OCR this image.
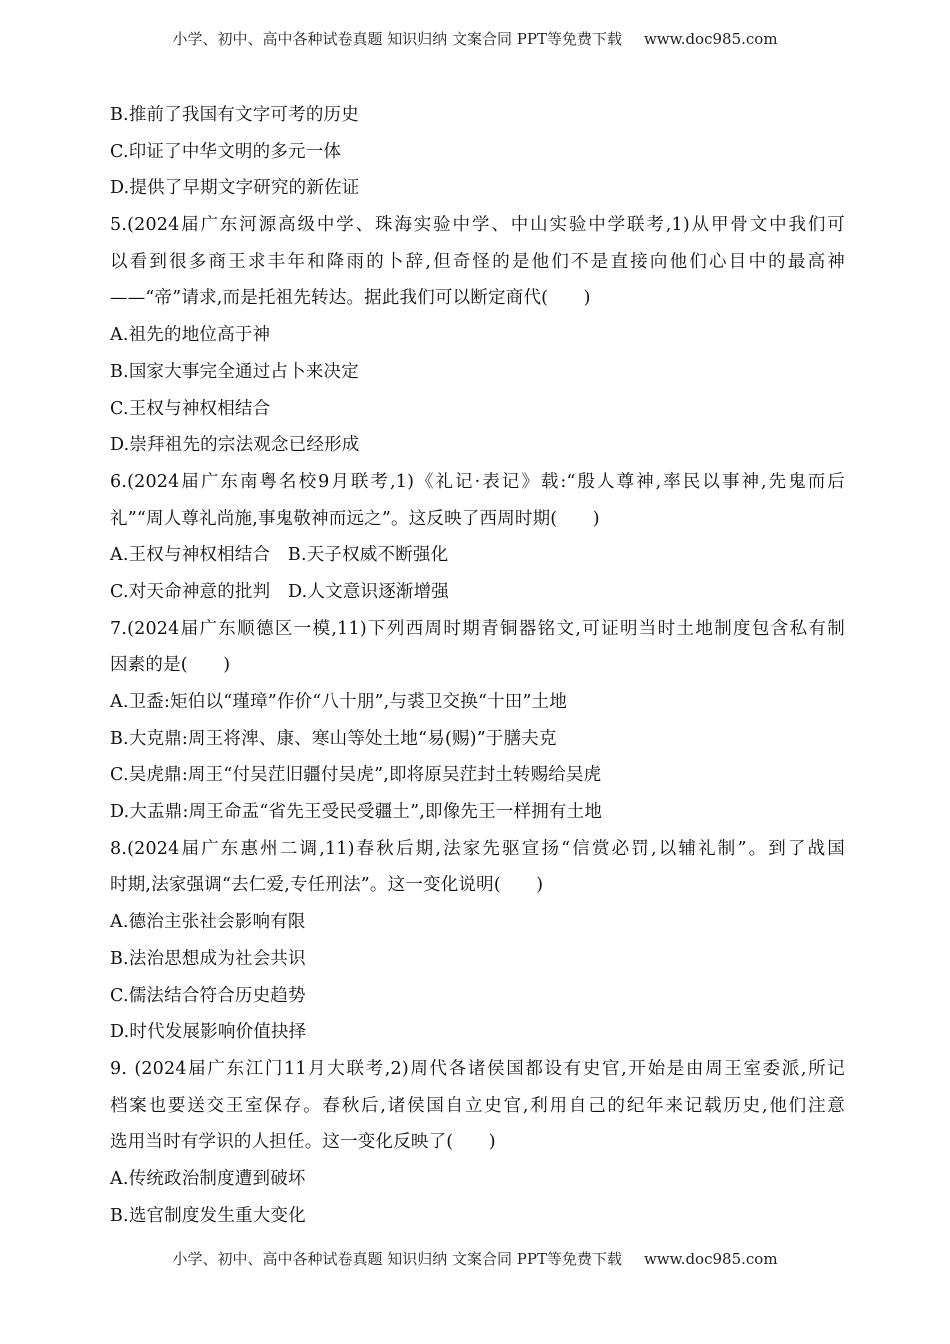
小学、初中、高中各种试卷真题 知识归纳 文案合同 PPT等免费下载 www.doc985.com
B.推前了我国有文字可考的历史
C.印证了中华文明的多元一体
D.提供了早期文字研究的新佐证
5.(2024届广东河源高级中学、珠海实验中学、中山实验中学联考,1)从甲骨文中我们可
以看到很多商王求丰年和降雨的卜辞,但奇怪的是他们不是直接向他们心目中的最高神
——“帝”请求,而是托祖先转达。据此我们可以断定商代(　　)
A.祖先的地位高于神
B.国家大事完全通过占卜来决定
C.王权与神权相结合
D.崇拜祖先的宗法观念已经形成
6.(2024届广东南粤名校9月联考,1)《礼记·表记》载:“殷人尊神,率民以事神,先鬼而后
礼”“周人尊礼尚施,事鬼敬神而远之”。这反映了西周时期(　　)
A.王权与神权相结合　B.天子权威不断强化
C.对天命神意的批判　D.人文意识逐渐增强
7.(2024届广东顺德区一模,11)下列西周时期青铜器铭文,可证明当时土地制度包含私有制
因素的是(　　)
A.卫盉:矩伯以“瑾璋”作价“八十朋”,与裘卫交换“十田”土地
B.大克鼎:周王将渒、康、寒山等处土地“易(赐)”于膳夫克
C.吴虎鼎:周王“付吴茳旧疆付吴虎”,即将原吴茳封土转赐给吴虎
D.大盂鼎:周王命盂“省先王受民受疆土”,即像先王一样拥有土地
8.(2024届广东惠州二调,11)春秋后期,法家先驱宣扬“信赏必罚,以辅礼制”。到了战国
时期,法家强调“去仁爱,专任刑法”。这一变化说明(　　)
A.德治主张社会影响有限
B.法治思想成为社会共识
C.儒法结合符合历史趋势
D.时代发展影响价值抉择
9. (2024届广东江门11月大联考,2)周代各诸侯国都设有史官,开始是由周王室委派,所记
档案也要送交王室保存。春秋后,诸侯国自立史官,利用自己的纪年来记载历史,他们注意
选用当时有学识的人担任。这一变化反映了(　　)
A.传统政治制度遭到破坏
B.选官制度发生重大变化
小学、初中、高中各种试卷真题 知识归纳 文案合同 PPT等免费下载 www.doc985.com
